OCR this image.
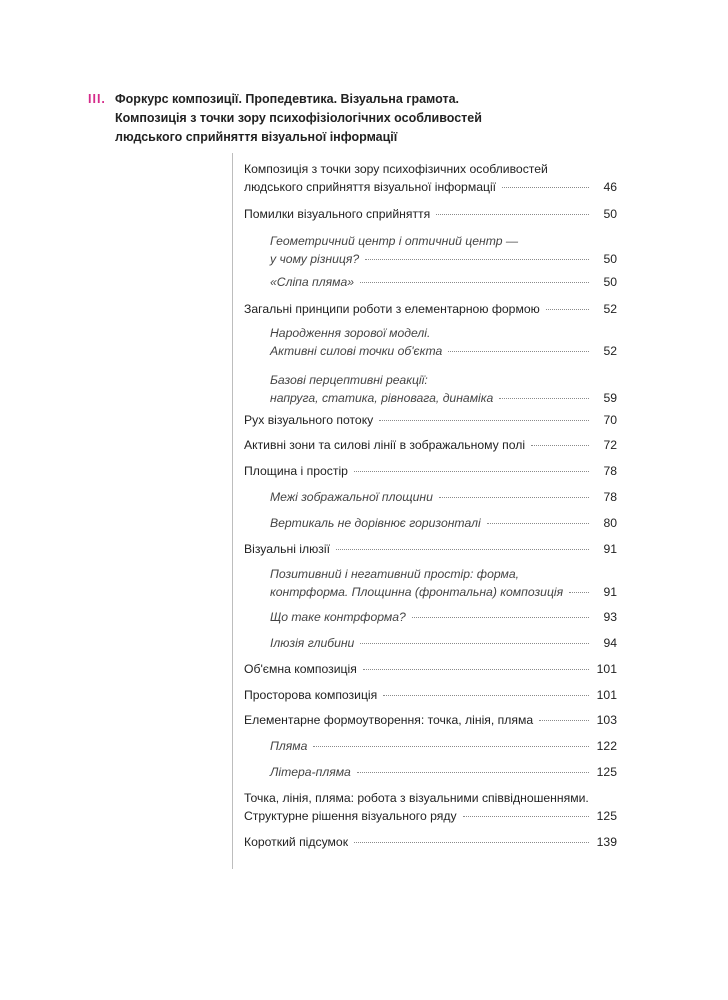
III. Форкурс композиції. Пропедевтика. Візуальна грамота.
Композиція з точки зору психофізіологічних особливостей
людського сприйняття візуальної інформації
Композиція з точки зору психофізичних особливостей
людського сприйняття візуальної інформації	46
Помилки візуального сприйняття	50
Геометричний центр і оптичний центр —
у чому різниця?	50
«Сліпа пляма»	50
Загальні принципи роботи з елементарною формою	52
Народження зорової моделі.
Активні силові точки об'єкта	52
Базові перцептивні реакції:
напруга, статика, рівновага, динаміка	59
Рух візуального потоку	70
Активні зони та силові лінії в зображальному полі	72
Площина і простір	78
Межі зображальної площини	78
Вертикаль не дорівнює горизонталі	80
Візуальні ілюзії	91
Позитивний і негативний простір: форма,
контрформа. Площинна (фронтальна) композиція	91
Що таке контрформа?	93
Ілюзія глибини	94
Об'ємна композиція	101
Просторова композиція	101
Елементарне формоутворення: точка, лінія, пляма	103
Пляма	122
Літера-пляма	125
Точка, лінія, пляма: робота з візуальними співвідношеннями.
Структурне рішення візуального ряду	125
Короткий підсумок	139
